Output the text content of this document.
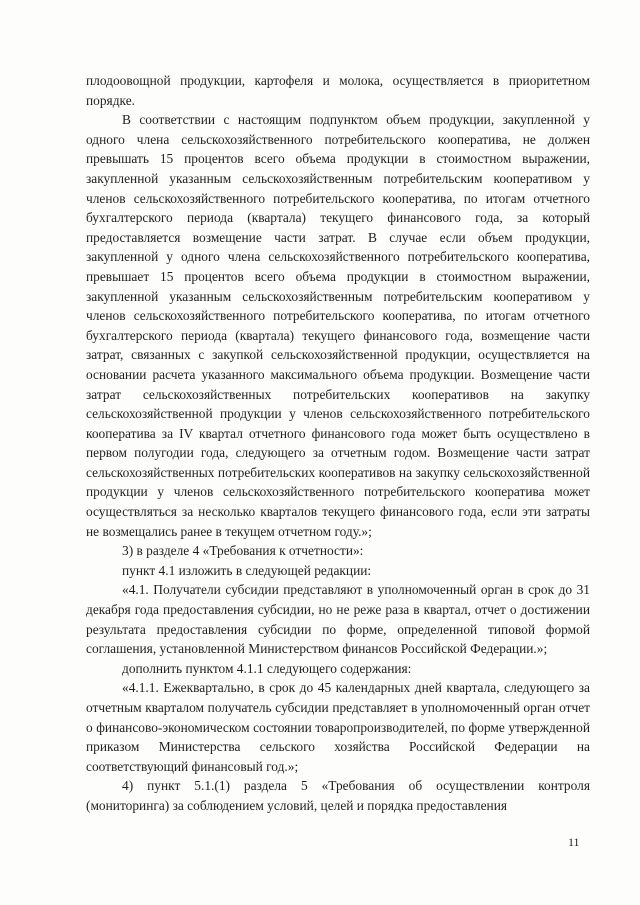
плодоовощной продукции, картофеля и молока, осуществляется в приоритетном порядке.

В соответствии с настоящим подпунктом объем продукции, закупленной у одного члена сельскохозяйственного потребительского кооператива, не должен превышать 15 процентов всего объема продукции в стоимостном выражении, закупленной указанным сельскохозяйственным потребительским кооперативом у членов сельскохозяйственного потребительского кооператива, по итогам отчетного бухгалтерского периода (квартала) текущего финансового года, за который предоставляется возмещение части затрат. В случае если объем продукции, закупленной у одного члена сельскохозяйственного потребительского кооператива, превышает 15 процентов всего объема продукции в стоимостном выражении, закупленной указанным сельскохозяйственным потребительским кооперативом у членов сельскохозяйственного потребительского кооператива, по итогам отчетного бухгалтерского периода (квартала) текущего финансового года, возмещение части затрат, связанных с закупкой сельскохозяйственной продукции, осуществляется на основании расчета указанного максимального объема продукции. Возмещение части затрат сельскохозяйственных потребительских кооперативов на закупку сельскохозяйственной продукции у членов сельскохозяйственного потребительского кооператива за IV квартал отчетного финансового года может быть осуществлено в первом полугодии года, следующего за отчетным годом. Возмещение части затрат сельскохозяйственных потребительских кооперативов на закупку сельскохозяйственной продукции у членов сельскохозяйственного потребительского кооператива может осуществляться за несколько кварталов текущего финансового года, если эти затраты не возмещались ранее в текущем отчетном году.»;

3) в разделе 4 «Требования к отчетности»:

пункт 4.1 изложить в следующей редакции:

«4.1. Получатели субсидии представляют в уполномоченный орган в срок до 31 декабря года предоставления субсидии, но не реже раза в квартал, отчет о достижении результата предоставления субсидии по форме, определенной типовой формой соглашения, установленной Министерством финансов Российской Федерации.»;

дополнить пунктом 4.1.1 следующего содержания:

«4.1.1. Ежеквартально, в срок до 45 календарных дней квартала, следующего за отчетным кварталом получатель субсидии представляет в уполномоченный орган отчет о финансово-экономическом состоянии товаропроизводителей, по форме утвержденной приказом Министерства сельского хозяйства Российской Федерации на соответствующий финансовый год.»;

4) пункт 5.1.(1) раздела 5 «Требования об осуществлении контроля (мониторинга) за соблюдением условий, целей и порядка предоставления

11
